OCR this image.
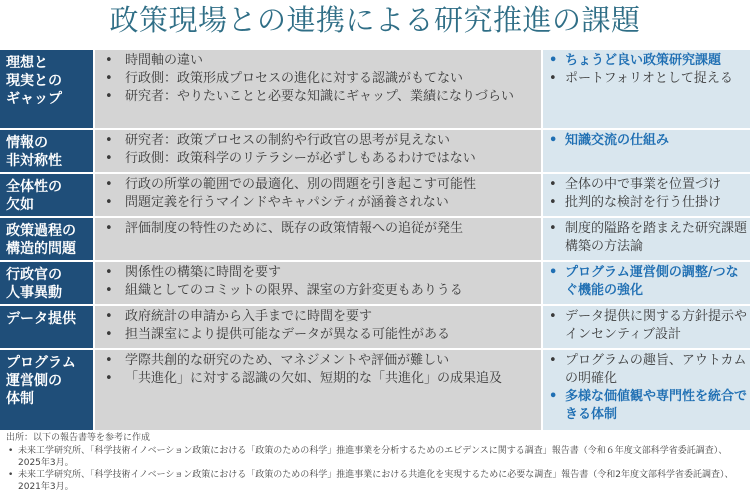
政策現場との連携による研究推進の課題
理想と
現実との
ギャップ
• 時間軸の違い
• 行政側：政策形成プロセスの進化に対する認識がもてない
• 研究者：やりたいことと必要な知識にギャップ、業績になりづらい
• ちょうど良い政策研究課題
• ポートフォリオとして捉える
情報の
非対称性
• 研究者：政策プロセスの制約や行政官の思考が見えない
• 行政側：政策科学のリテラシーが必ずしもあるわけではない
• 知識交流の仕組み
全体性の
欠如
• 行政の所掌の範囲での最適化、別の問題を引き起こす可能性
• 問題定義を行うマインドやキャパシティが涵養されない
• 全体の中で事業を位置づけ
• 批判的な検討を行う仕掛け
政策過程の
構造的問題
• 評価制度の特性のために、既存の政策情報への追従が発生	• 制度的隘路を踏まえた研究課題構築の方法論
行政官の
人事異動
• 関係性の構築に時間を要す
• 組織としてのコミットの限界、課室の方針変更もありうる
• プログラム運営側の調整/つなぐ機能の強化
データ提供	• 政府統計の申請から入手までに時間を要す
• 担当課室により提供可能なデータが異なる可能性がある
• データ提供に関する方針提示やインセンティブ設計
プログラム
運営側の
体制
• 学際共創的な研究のため、マネジメントや評価が難しい
• 「共進化」に対する認識の欠如、短期的な「共進化」の成果追及
• プログラムの趣旨、アウトカムの明確化
• 多様な価値観や専門性を統合できる体制
出所：以下の報告書等を参考に作成
• 未来工学研究所、「科学技術イノベーション政策における「政策のための科学」推進事業を分析するためのエビデンスに関する調査」報告書（令和６年度文部科学省委託調査）、2025年3月。
• 未来工学研究所、「科学技術イノベーション政策における「政策のための科学」推進事業における共進化を実現するために必要な調査」報告書（令和2年度文部科学省委託調査）、2021年3月。
